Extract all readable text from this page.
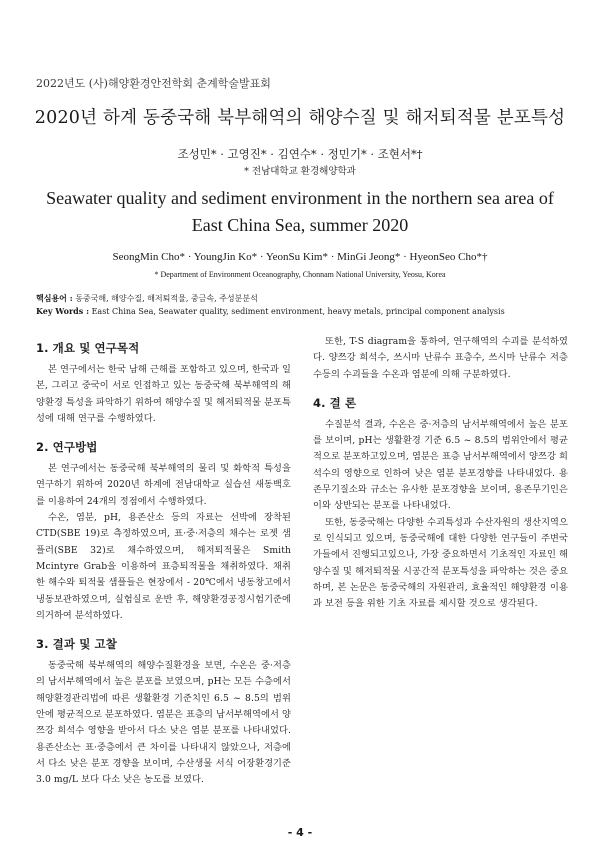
2022년도 (사)해양환경안전학회 춘계학술발표회
2020년 하계 동중국해 북부해역의 해양수질 및 해저퇴적물 분포특성
조성민* · 고영진* · 김연수* · 정민기* · 조현서*†
* 전남대학교 환경해양학과
Seawater quality and sediment environment in the northern sea area of East China Sea, summer 2020
SeongMin Cho* · YoungJin Ko* · YeonSu Kim* · MinGi Jeong* · HyeonSeo Cho*†
* Department of Environment Oceanography, Chonnam National University, Yeosu, Korea
핵심용어 : 동중국해, 해양수질, 해저퇴적물, 중금속, 주성분분석
Key Words : East China Sea, Seawater quality, sediment environment, heavy metals, principal component analysis
1. 개요 및 연구목적

본 연구에서는 한국 남해 근해를 포함하고 있으며, 한국과 일본, 그리고 중국이 서로 인접하고 있는 동중국해 북부해역의 해양환경 특성을 파악하기 위하여 해양수질 및 해저퇴적물 분포특성에 대해 연구를 수행하였다.

2. 연구방법

본 연구에서는 동중국해 북부해역의 물리 및 화학적 특성을 연구하기 위하여 2020년 하계에 전남대학교 실습선 새동백호를 이용하여 24개의 정점에서 수행하였다.

수온, 염분, pH, 용존산소 등의 자료는 선박에 장착된 CTD(SBE 19)로 측정하였으며, 표·중·저층의 채수는 로젯 샘플러(SBE 32)로 채수하였으며, 해저퇴적물은 Smith Mcintyre Grab을 이용하여 표층퇴적물을 채취하였다. 채취한 해수와 퇴적물 샘플들은 현장에서 - 20℃에서 냉동창고에서 냉동보관하였으며, 실험실로 운반 후, 해양환경공정시험기준에 의거하여 분석하였다.

3. 결과 및 고찰

동중국해 북부해역의 해양수질환경을 보면, 수온은 중·저층의 남서부해역에서 높은 분포를 보였으며, pH는 모든 수층에서 해양환경관리법에 따른 생활환경 기준치인 6.5 ~ 8.5의 범위안에 평균적으로 분포하였다. 염분은 표층의 남서부해역에서 양쯔강 희석수 영향을 받아서 다소 낮은 염분 분포를 나타내었다. 용존산소는 표·중층에서 큰 차이를 나타내지 않았으나, 저층에서 다소 낮은 분포 경향을 보이며, 수산생물 서식 어장환경기준 3.0 mg/L 보다 다소 낮은 농도를 보였다.

또한, T-S diagram을 통하여, 연구해역의 수괴를 분석하였다. 양쯔강 희석수, 쓰시마 난류수 표층수, 쓰시마 난류수 저층수등의 수괴들을 수온과 염분에 의해 구분하였다.

4. 결 론

수질분석 결과, 수온은 중·저층의 남서부해역에서 높은 분포를 보이며, pH는 생활환경 기준 6.5 ~ 8.5의 범위안에서 평균적으로 분포하고있으며, 염분은 표층 남서부해역에서 양쯔강 희석수의 영향으로 인하여 낮은 염분 분포경향를 나타내었다. 용존무기질소와 규소는 유사한 분포경향을 보이며, 용존무기인은 이와 상반되는 분포를 나타내었다.

또한, 동중국해는 다양한 수괴특성과 수산자원의 생산지역으로 인식되고 있으며, 동중국해에 대한 다양한 연구들이 주변국가들에서 진행되고있으나, 가장 중요하면서 기초적인 자료인 해양수질 및 해저퇴적물 시공간적 분포특성을 파악하는 것은 중요하며, 본 논문은 동중국해의 자원관리, 효율적인 해양환경 이용과 보전 등을 위한 기초 자료를 제시할 것으로 생각된다.

- 4 -
